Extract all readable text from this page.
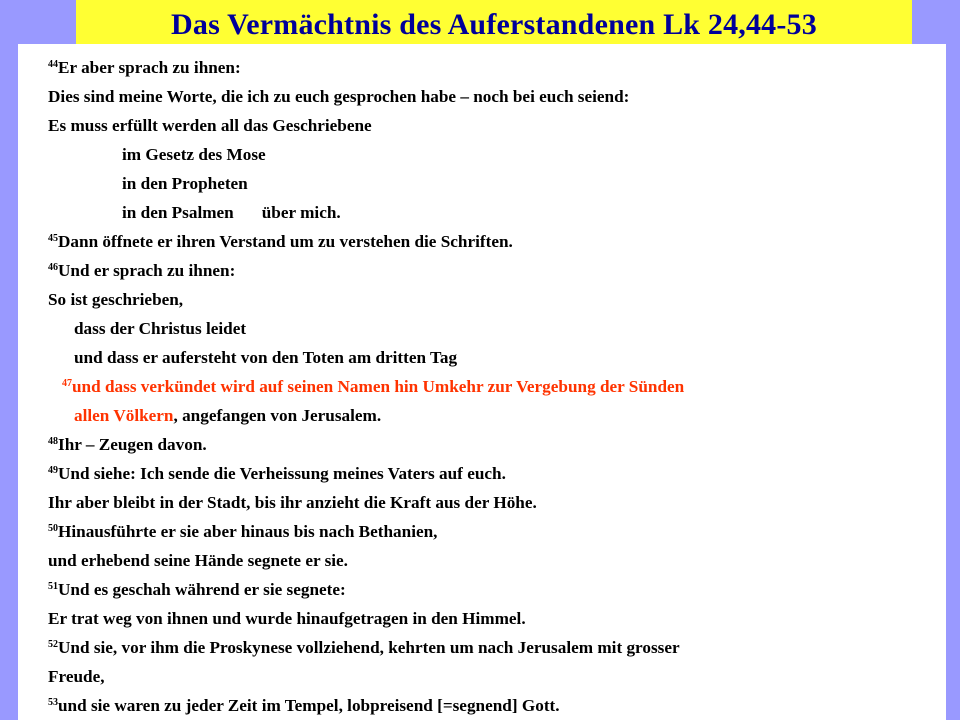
Das Vermächtnis des Auferstandenen Lk 24,44-53
$^{44}$Er aber sprach zu ihnen:
Dies sind meine Worte, die ich zu euch gesprochen habe – noch bei euch seiend:
Es muss erfüllt werden all das Geschriebene
im Gesetz des Mose
in den Propheten
in den Psalmen über mich.
$^{45}$Dann öffnete er ihren Verstand um zu verstehen die Schriften.
$^{46}$Und er sprach zu ihnen:
So ist geschrieben,
dass der Christus leidet
und dass er aufersteht von den Toten am dritten Tag
$^{47}$und dass verkündet wird auf seinen Namen hin Umkehr zur Vergebung der Sünden
allen Völkern, angefangen von Jerusalem.
$^{48}$Ihr – Zeugen davon.
$^{49}$Und siehe: Ich sende die Verheissung meines Vaters auf euch.
Ihr aber bleibt in der Stadt, bis ihr anzieht die Kraft aus der Höhe.
$^{50}$Hinausführte er sie aber hinaus bis nach Bethanien,
und erhebend seine Hände segnete er sie.
$^{51}$Und es geschah während er sie segnete:
Er trat weg von ihnen und wurde hinaufgetragen in den Himmel.
$^{52}$Und sie, vor ihm die Proskynese vollziehend, kehrten um nach Jerusalem mit grosser
Freude,
$^{53}$und sie waren zu jeder Zeit im Tempel, lobpreisend [=segnend] Gott.
